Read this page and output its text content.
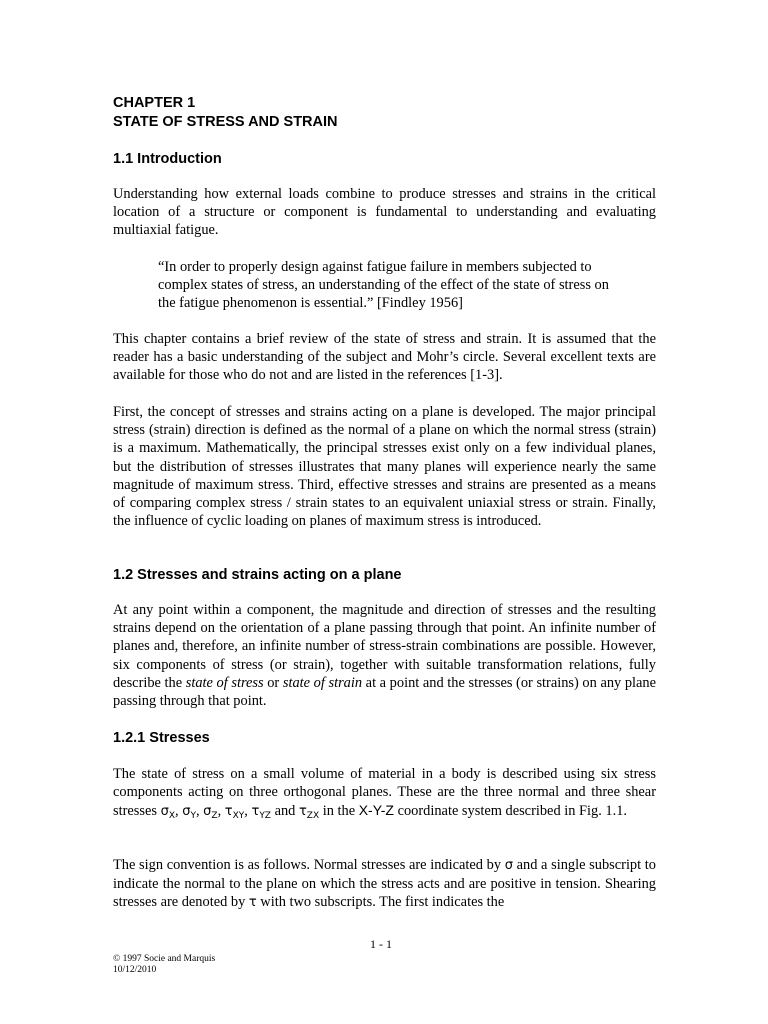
CHAPTER 1
STATE OF STRESS AND STRAIN
1.1 Introduction

Understanding how external loads combine to produce stresses and strains in the critical location of a structure or component is fundamental to understanding and evaluating multiaxial fatigue.

“In order to properly design against fatigue failure in members subjected to complex states of stress, an understanding of the effect of the state of stress on the fatigue phenomenon is essential.” [Findley 1956]

This chapter contains a brief review of the state of stress and strain. It is assumed that the reader has a basic understanding of the subject and Mohr’s circle. Several excellent texts are available for those who do not and are listed in the references [1-3].

First, the concept of stresses and strains acting on a plane is developed. The major principal stress (strain) direction is defined as the normal of a plane on which the normal stress (strain) is a maximum. Mathematically, the principal stresses exist only on a few individual planes, but the distribution of stresses illustrates that many planes will experience nearly the same magnitude of maximum stress. Third, effective stresses and strains are presented as a means of comparing complex stress / strain states to an equivalent uniaxial stress or strain. Finally, the influence of cyclic loading on planes of maximum stress is introduced.

1.2 Stresses and strains acting on a plane

At any point within a component, the magnitude and direction of stresses and the resulting strains depend on the orientation of a plane passing through that point. An infinite number of planes and, therefore, an infinite number of stress-strain combinations are possible. However, six components of stress (or strain), together with suitable transformation relations, fully describe the state of stress or state of strain at a point and the stresses (or strains) on any plane passing through that point.

1.2.1 Stresses

The state of stress on a small volume of material in a body is described using six stress components acting on three orthogonal planes. These are the three normal and three shear stresses $\sigma_X$, $\sigma_Y$, $\sigma_Z$, $\tau_{XY}$, $\tau_{YZ}$ and $\tau_{ZX}$ in the X-Y-Z coordinate system described in Fig. 1.1.

The sign convention is as follows. Normal stresses are indicated by σ and a single subscript to indicate the normal to the plane on which the stress acts and are positive in tension. Shearing stresses are denoted by τ with two subscripts. The first indicates the

1 - 1

© 1997 Socie and Marquis

10/12/2010
